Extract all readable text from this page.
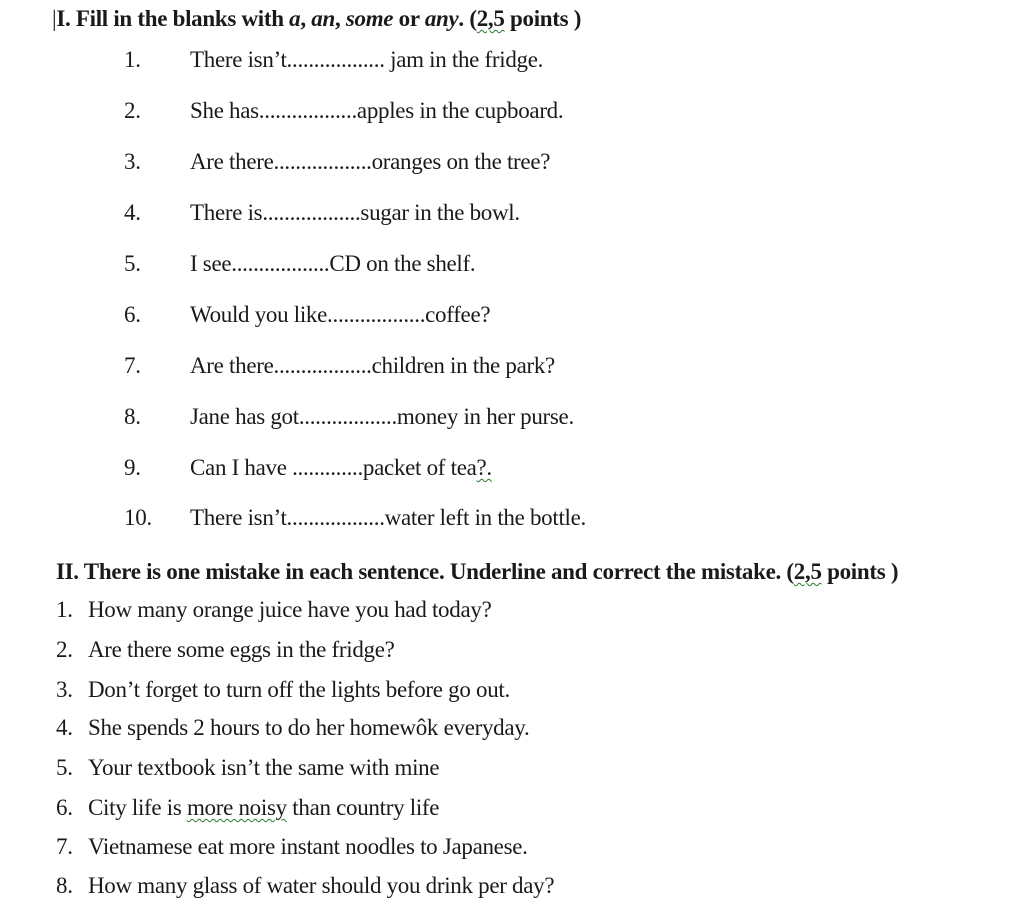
|I. Fill in the blanks with a, an, some or any. (2,5 points )
1. There isn’t.................. jam in the fridge.
2. She has..................apples in the cupboard.
3. Are there..................oranges on the tree?
4. There is..................sugar in the bowl.
5. I see..................CD on the shelf.
6. Would you like..................coffee?
7. Are there..................children in the park?
8. Jane has got..................money in her purse.
9. Can I have .............packet of tea?.
10. There isn’t..................water left in the bottle.
II. There is one mistake in each sentence. Underline and correct the mistake. (2,5 points )
1. How many orange juice have you had today?
2. Are there some eggs in the fridge?
3. Don’t forget to turn off the lights before go out.
4. She spends 2 hours to do her homewôk everyday.
5. Your textbook isn’t the same with mine
6. City life is more noisy than country life
7. Vietnamese eat more instant noodles to Japanese.
8. How many glass of water should you drink per day?
